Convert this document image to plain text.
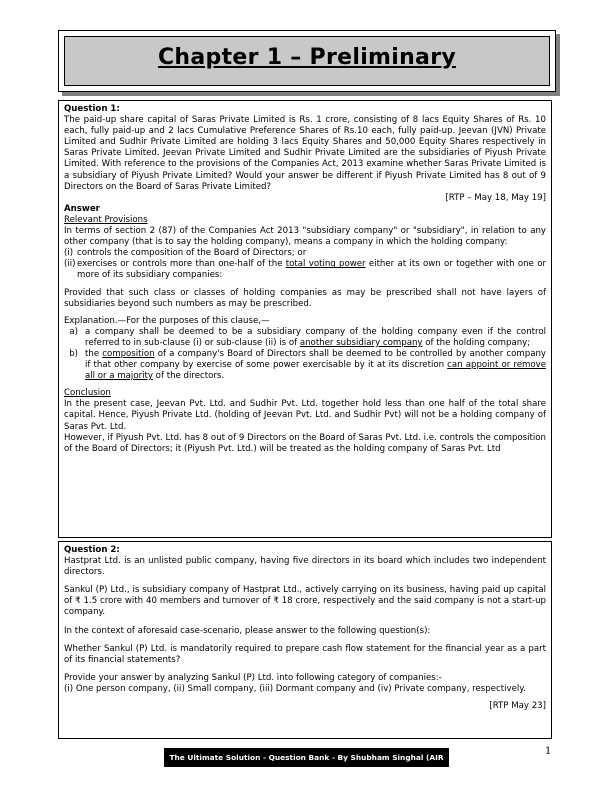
Chapter 1 – Preliminary
Question 1:
The paid-up share capital of Saras Private Limited is Rs. 1 crore, consisting of 8 lacs Equity Shares of Rs. 10 each, fully paid-up and 2 lacs Cumulative Preference Shares of Rs.10 each, fully paid-up. Jeevan (JVN) Private Limited and Sudhir Private Limited are holding 3 lacs Equity Shares and 50,000 Equity Shares respectively in Saras Private Limited. Jeevan Private Limited and Sudhir Private Limited are the subsidiaries of Piyush Private Limited. With reference to the provisions of the Companies Act, 2013 examine whether Saras Private Limited is a subsidiary of Piyush Private Limited? Would your answer be different if Piyush Private Limited has 8 out of 9 Directors on the Board of Saras Private Limited?
[RTP – May 18, May 19]
Answer
Relevant Provisions
In terms of section 2 (87) of the Companies Act 2013 "subsidiary company" or "subsidiary", in relation to any other company (that is to say the holding company), means a company in which the holding company:
(i) controls the composition of the Board of Directors; or
(ii) exercises or controls more than one-half of the total voting power either at its own or together with one or more of its subsidiary companies:
Provided that such class or classes of holding companies as may be prescribed shall not have layers of subsidiaries beyond such numbers as may be prescribed.
Explanation.—For the purposes of this clause,—
a) a company shall be deemed to be a subsidiary company of the holding company even if the control referred to in sub-clause (i) or sub-clause (ii) is of another subsidiary company of the holding company;
b) the composition of a company's Board of Directors shall be deemed to be controlled by another company if that other company by exercise of some power exercisable by it at its discretion can appoint or remove all or a majority of the directors.
Conclusion
In the present case, Jeevan Pvt. Ltd. and Sudhir Pvt. Ltd. together hold less than one half of the total share capital. Hence, Piyush Private Ltd. (holding of Jeevan Pvt. Ltd. and Sudhir Pvt) will not be a holding company of Saras Pvt. Ltd.
However, if Piyush Pvt. Ltd. has 8 out of 9 Directors on the Board of Saras Pvt. Ltd. i.e. controls the composition of the Board of Directors; it (Piyush Pvt. Ltd.) will be treated as the holding company of Saras Pvt. Ltd
Question 2:
Hastprat Ltd. is an unlisted public company, having five directors in its board which includes two independent directors.
Sankul (P) Ltd., is subsidiary company of Hastprat Ltd., actively carrying on its business, having paid up capital of ₹ 1.5 crore with 40 members and turnover of ₹ 18 crore, respectively and the said company is not a start-up company.
In the context of aforesaid case-scenario, please answer to the following question(s):
Whether Sankul (P) Ltd. is mandatorily required to prepare cash flow statement for the financial year as a part of its financial statements?
Provide your answer by analyzing Sankul (P) Ltd. into following category of companies:-
(i) One person company, (ii) Small company, (iii) Dormant company and (iv) Private company, respectively.
[RTP May 23]
The Ultimate Solution - Question Bank - By Shubham Singhal (AIR 4)
1
